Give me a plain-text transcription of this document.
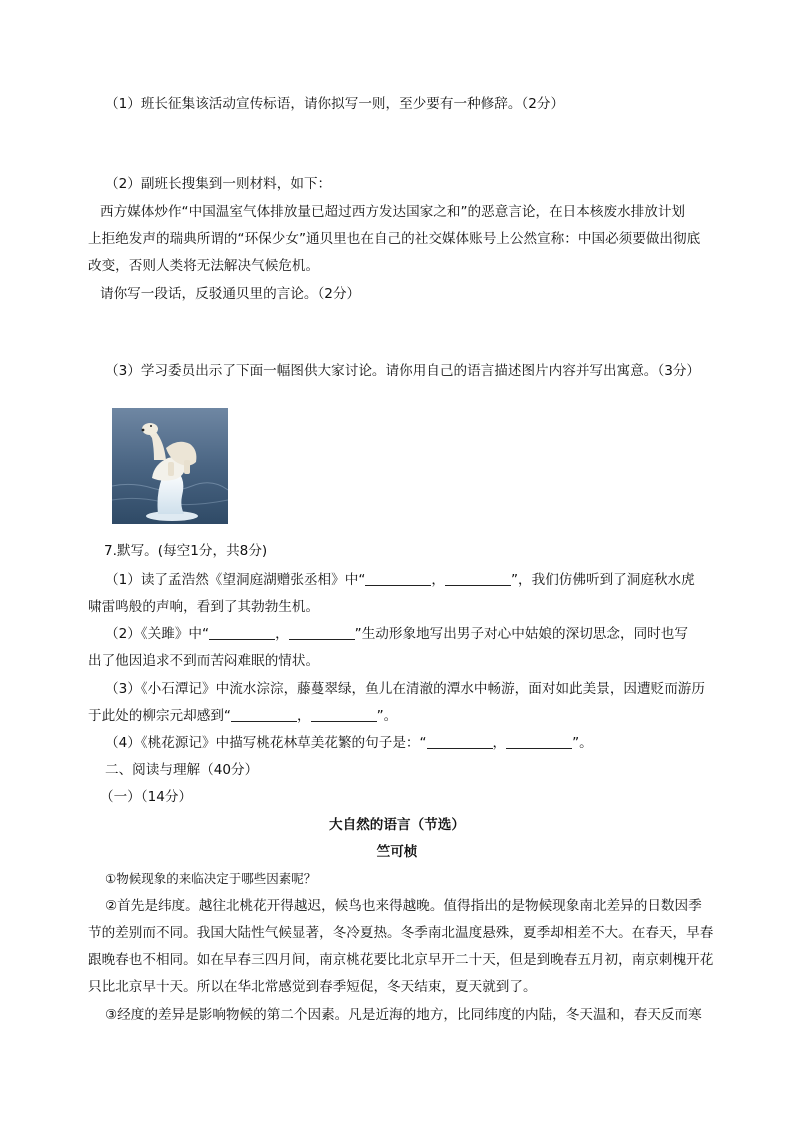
（1）班长征集该活动宣传标语，请你拟写一则，至少要有一种修辞。（2分）
（2）副班长搜集到一则材料，如下：
西方媒体炒作“中国温室气体排放量已超过西方发达国家之和”的恶意言论，在日本核废水排放计划
上拒绝发声的瑞典所谓的“环保少女”通贝里也在自己的社交媒体账号上公然宣称：中国必须要做出彻底
改变，否则人类将无法解决气候危机。
请你写一段话，反驳通贝里的言论。（2分）
（3）学习委员出示了下面一幅图供大家讨论。请你用自己的语言描述图片内容并写出寓意。（3分）
7.默写。(每空1分，共8分)
（1）读了孟浩然《望洞庭湖赠张丞相》中“	，	”，我们仿佛听到了洞庭秋水虎
啸雷鸣般的声响，看到了其勃勃生机。
（2）《关雎》中“	，	”生动形象地写出男子对心中姑娘的深切思念，同时也写
出了他因追求不到而苦闷难眠的情状。
（3）《小石潭记》中流水淙淙，藤蔓翠绿，鱼儿在清澈的潭水中畅游，面对如此美景，因遭贬而游历
于此处的柳宗元却感到“	，	”。
（4）《桃花源记》中描写桃花林草美花繁的句子是：“	，	”。
二、阅读与理解（40分）
（一）（14分）
大自然的语言（节选）
竺可桢
①物候现象的来临决定于哪些因素呢？
②首先是纬度。越往北桃花开得越迟，候鸟也来得越晚。值得指出的是物候现象南北差异的日数因季
节的差别而不同。我国大陆性气候显著，冬冷夏热。冬季南北温度悬殊，夏季却相差不大。在春天，早春
跟晚春也不相同。如在早春三四月间，南京桃花要比北京早开二十天，但是到晚春五月初，南京刺槐开花
只比北京早十天。所以在华北常感觉到春季短促，冬天结束，夏天就到了。
③经度的差异是影响物候的第二个因素。凡是近海的地方，比同纬度的内陆，冬天温和，春天反而寒
